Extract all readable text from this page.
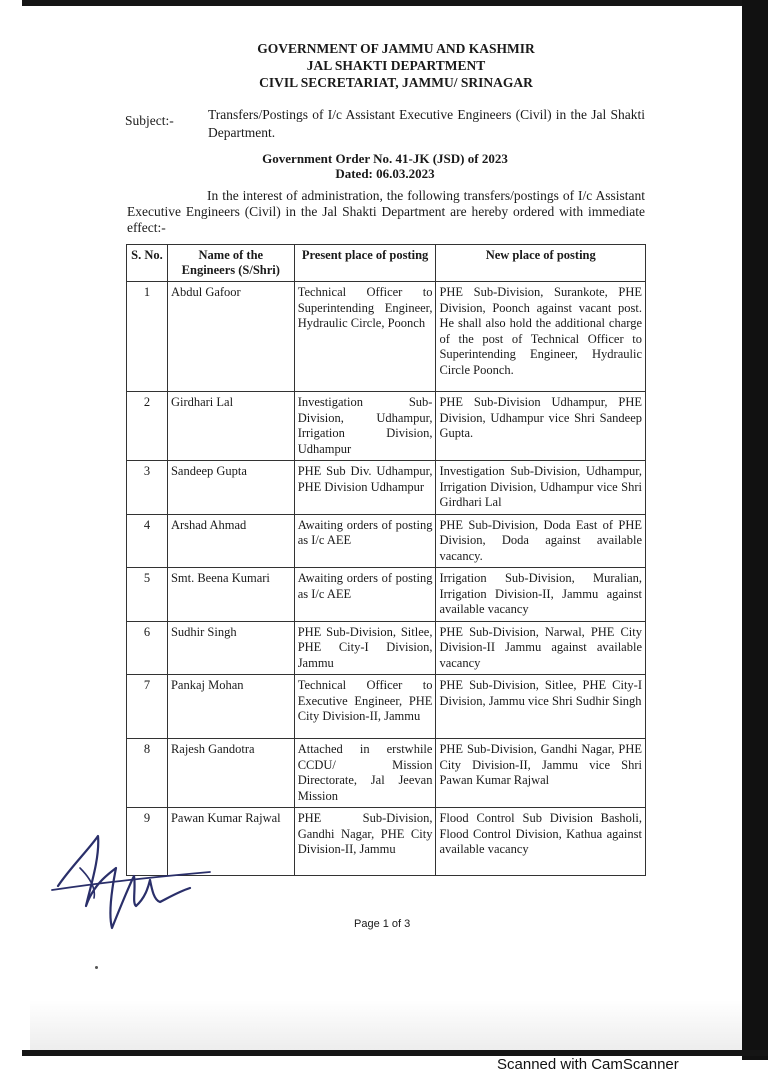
GOVERNMENT OF JAMMU AND KASHMIR
JAL SHAKTI DEPARTMENT
CIVIL SECRETARIAT, JAMMU/ SRINAGAR
Subject:-	Transfers/Postings of I/c Assistant Executive Engineers (Civil) in the Jal Shakti Department.
Government Order No. 41-JK (JSD) of 2023
Dated: 06.03.2023
In the interest of administration, the following transfers/postings of I/c Assistant Executive Engineers (Civil) in the Jal Shakti Department are hereby ordered with immediate effect:-
S. No.	Name of the Engineers (S/Shri)	Present place of posting	New place of posting
1	Abdul Gafoor	Technical Officer to Superintending Engineer, Hydraulic Circle, Poonch	PHE Sub-Division, Surankote, PHE Division, Poonch against vacant post. He shall also hold the additional charge of the post of Technical Officer to Superintending Engineer, Hydraulic Circle Poonch.
2	Girdhari Lal	Investigation Sub-Division, Udhampur, Irrigation Division, Udhampur	PHE Sub-Division Udhampur, PHE Division, Udhampur vice Shri Sandeep Gupta.
3	Sandeep Gupta	PHE Sub Div. Udhampur, PHE Division Udhampur	Investigation Sub-Division, Udhampur, Irrigation Division, Udhampur vice Shri Girdhari Lal
4	Arshad Ahmad	Awaiting orders of posting as I/c AEE	PHE Sub-Division, Doda East of PHE Division, Doda against available vacancy.
5	Smt. Beena Kumari	Awaiting orders of posting as I/c AEE	Irrigation Sub-Division, Muralian, Irrigation Division-II, Jammu against available vacancy
6	Sudhir Singh	PHE Sub-Division, Sitlee, PHE City-I Division, Jammu	PHE Sub-Division, Narwal, PHE City Division-II Jammu against available vacancy
7	Pankaj Mohan	Technical Officer to Executive Engineer, PHE City Division-II, Jammu	PHE Sub-Division, Sitlee, PHE City-I Division, Jammu vice Shri Sudhir Singh
8	Rajesh Gandotra	Attached in erstwhile CCDU/ Mission Directorate, Jal Jeevan Mission	PHE Sub-Division, Gandhi Nagar, PHE City Division-II, Jammu vice Shri Pawan Kumar Rajwal
9	Pawan Kumar Rajwal	PHE Sub-Division, Gandhi Nagar, PHE City Division-II, Jammu	Flood Control Sub Division Basholi, Flood Control Division, Kathua against available vacancy
Page 1 of 3
Scanned with CamScanner
